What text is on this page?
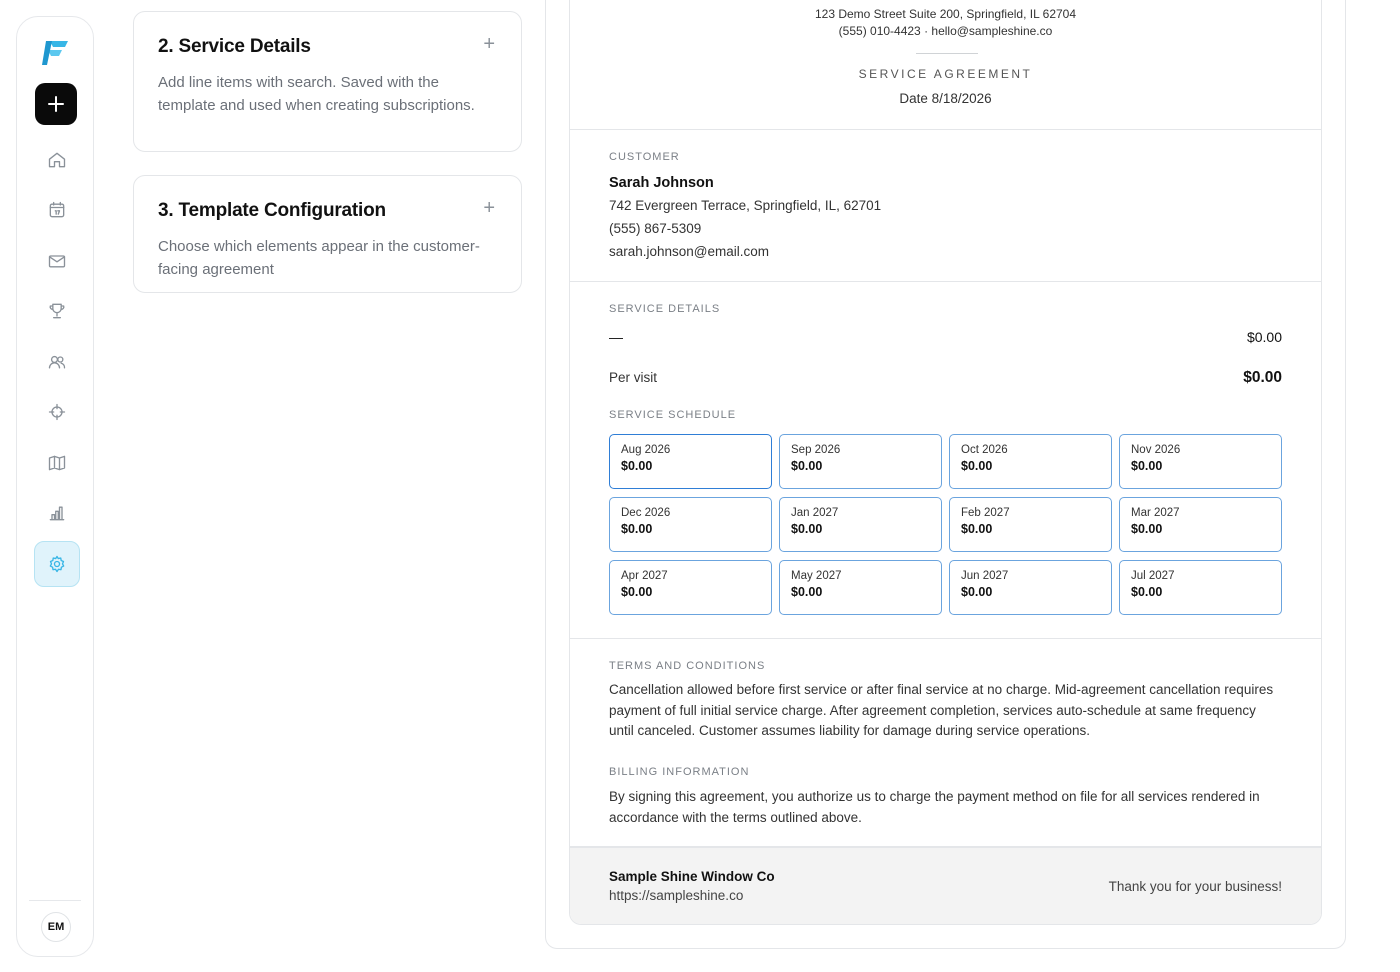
EM
2. Service Details

Add line items with search. Saved with the template and used when creating subscriptions.

+
3. Template Configuration

Choose which elements appear in the customer-facing agreement

+
123 Demo Street Suite 200, Springfield, IL 62704
(555) 010-4423 · hello@sampleshine.co
SERVICE AGREEMENT
Date 8/18/2026
CUSTOMER
Sarah Johnson
742 Evergreen Terrace, Springfield, IL, 62701
(555) 867-5309
sarah.johnson@email.com
SERVICE DETAILS
—	$0.00
Per visit	$0.00
SERVICE SCHEDULE
Aug 2026
$0.00
Sep 2026
$0.00
Oct 2026
$0.00
Nov 2026
$0.00
Dec 2026
$0.00
Jan 2027
$0.00
Feb 2027
$0.00
Mar 2027
$0.00
Apr 2027
$0.00
May 2027
$0.00
Jun 2027
$0.00
Jul 2027
$0.00
TERMS AND CONDITIONS
Cancellation allowed before first service or after final service at no charge. Mid-agreement cancellation requires payment of full initial service charge. After agreement completion, services auto-schedule at same frequency until canceled. Customer assumes liability for damage during service operations.
BILLING INFORMATION
By signing this agreement, you authorize us to charge the payment method on file for all services rendered in accordance with the terms outlined above.
Sample Shine Window Co
https://sampleshine.co
Thank you for your business!
